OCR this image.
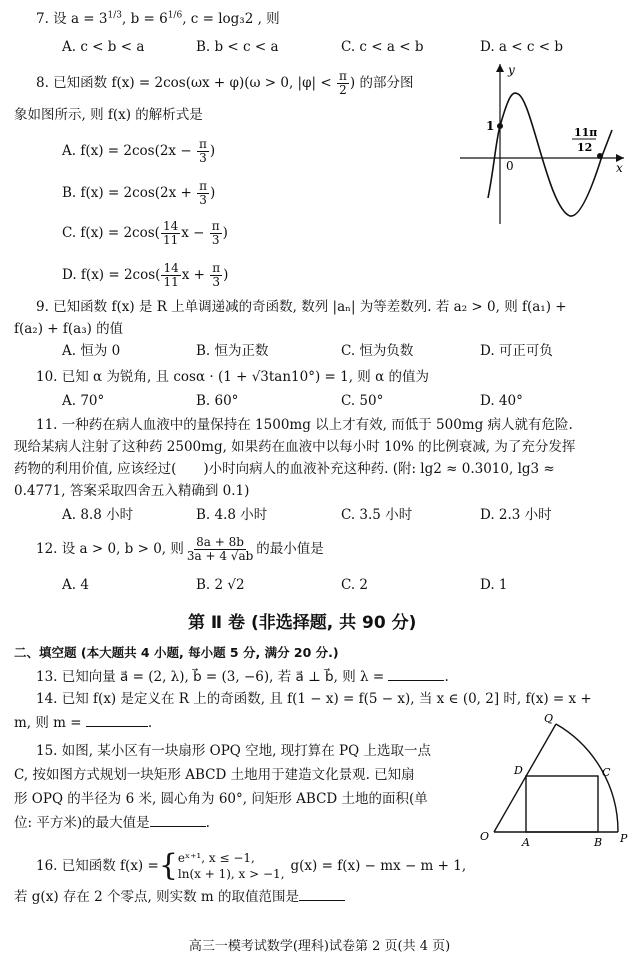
7. 设 $a = 3^{1/3}$, $b = 6^{1/6}$, c = log₃2 , 则
A. c < b < a	B. b < c < a	C. c < a < b	D. a < c < b
8. 已知函数 f(x) = 2cos(ωx + φ)(ω > 0, $|\varphi| < \frac{\pi}{2}$ ) 的部分图
象如图所示, 则 f(x) 的解析式是
A. $f(x) = 2\cos(2x - \frac{\pi}{3}$ )
B. $f(x) = 2\cos(2x + \frac{\pi}{3}$ )
C. $f(x) = 2\cos( \frac{14}{11}$ $x - \frac{\pi}{3}$ )
D. $f(x) = 2\cos( \frac{14}{11}$ $x + \frac{\pi}{3}$ )
y
x
0
1	11π
12
9. 已知函数 f(x) 是 R 上单调递减的奇函数, 数列 |aₙ| 为等差数列. 若 a₂ > 0, 则 f(a₁) +
f(a₂) + f(a₃) 的值
A. 恒为 0	B. 恒为正数	C. 恒为负数	D. 可正可负
10. 已知 α 为锐角, 且 cosα · (1 + √3tan10°) = 1, 则 α 的值为
A. 70°	B. 60°	C. 50°	D. 40°
11. 一种药在病人血液中的量保持在 1500mg 以上才有效, 而低于 500mg 病人就有危险.
现给某病人注射了这种药 2500mg, 如果药在血液中以每小时 10% 的比例衰减, 为了充分发挥
药物的利用价值, 应该经过(　　)小时向病人的血液补充这种药. (附: lg2 ≈ 0.3010, lg3 ≈
0.4771, 答案采取四舍五入精确到 0.1)
A. 8.8 小时	B. 4.8 小时	C. 3.5 小时	D. 2.3 小时
12. 设 a > 0, b > 0, 则 $\frac{8a + 8b}{3a + 4 √ab}$ 的最小值是
A. 4	B. 2 √2	C. 2	D. 1
第 Ⅱ 卷 (非选择题, 共 90 分)
二、填空题 (本大题共 4 小题, 每小题 5 分, 满分 20 分.)
13. 已知向量 a⃗ = (2, λ), b⃗ = (3, −6), 若 a⃗ ⊥ b⃗, 则 λ =	.
14. 已知 f(x) 是定义在 R 上的奇函数, 且 f(1 − x) = f(5 − x), 当 x ∈ (0, 2] 时, f(x) = x +
m, 则 m =	.
15. 如图, 某小区有一块扇形 OPQ 空地, 现打算在 PQ 上选取一点
C, 按如图方式规划一块矩形 ABCD 土地用于建造文化景观. 已知扇
形 OPQ 的半径为 6 米, 圆心角为 60°, 问矩形 ABCD 土地的面积(单
位: 平方米)的最大值是	.
O	P
Q
A	B
C
D
16. 已知函数 f(x) = { eˣ⁺¹, x ≤ −1,
ln(x + 1), x > −1, g(x) = f(x) − mx − m + 1,
若 g(x) 存在 2 个零点, 则实数 m 的取值范围是
高三一模考试数学(理科)试卷第 2 页(共 4 页)
